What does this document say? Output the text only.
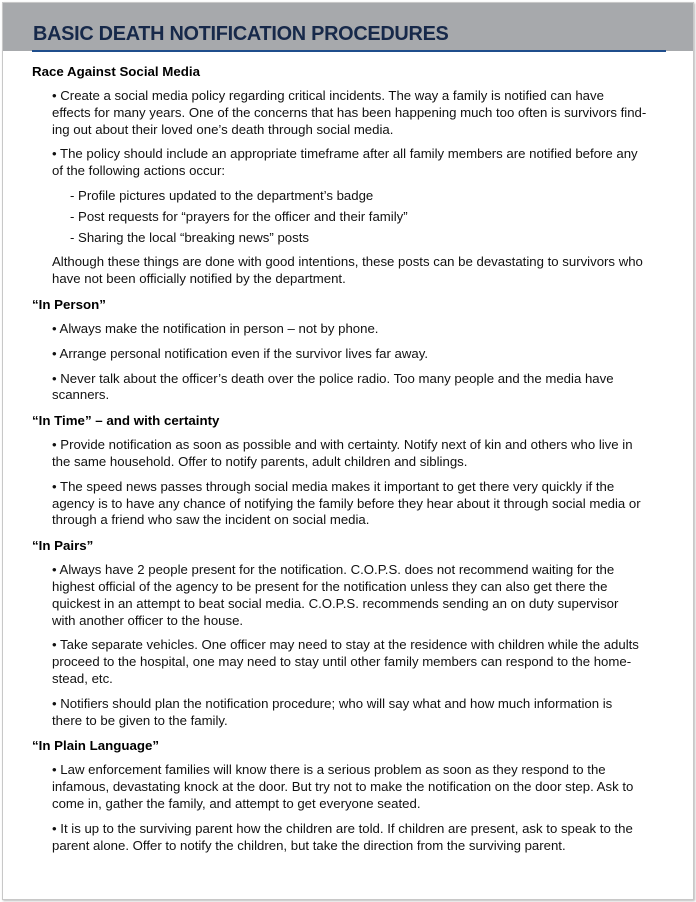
BASIC DEATH NOTIFICATION PROCEDURES
Race Against Social Media
• Create a social media policy regarding critical incidents. The way a family is notified can have
effects for many years. One of the concerns that has been happening much too often is survivors find-
ing out about their loved one’s death through social media.
• The policy should include an appropriate timeframe after all family members are notified before any
of the following actions occur:
- Profile pictures updated to the department’s badge
- Post requests for “prayers for the officer and their family”
- Sharing the local “breaking news” posts
Although these things are done with good intentions, these posts can be devastating to survivors who
have not been officially notified by the department.
“In Person”
• Always make the notification in person – not by phone.
• Arrange personal notification even if the survivor lives far away.
• Never talk about the officer’s death over the police radio. Too many people and the media have
scanners.
“In Time” – and with certainty
• Provide notification as soon as possible and with certainty. Notify next of kin and others who live in
the same household. Offer to notify parents, adult children and siblings.
• The speed news passes through social media makes it important to get there very quickly if the
agency is to have any chance of notifying the family before they hear about it through social media or
through a friend who saw the incident on social media.
“In Pairs”
• Always have 2 people present for the notification. C.O.P.S. does not recommend waiting for the
highest official of the agency to be present for the notification unless they can also get there the
quickest in an attempt to beat social media. C.O.P.S. recommends sending an on duty supervisor
with another officer to the house.
• Take separate vehicles. One officer may need to stay at the residence with children while the adults
proceed to the hospital, one may need to stay until other family members can respond to the home-
stead, etc.
• Notifiers should plan the notification procedure; who will say what and how much information is
there to be given to the family.
“In Plain Language”
• Law enforcement families will know there is a serious problem as soon as they respond to the
infamous, devastating knock at the door. But try not to make the notification on the door step. Ask to
come in, gather the family, and attempt to get everyone seated.
• It is up to the surviving parent how the children are told. If children are present, ask to speak to the
parent alone. Offer to notify the children, but take the direction from the surviving parent.
